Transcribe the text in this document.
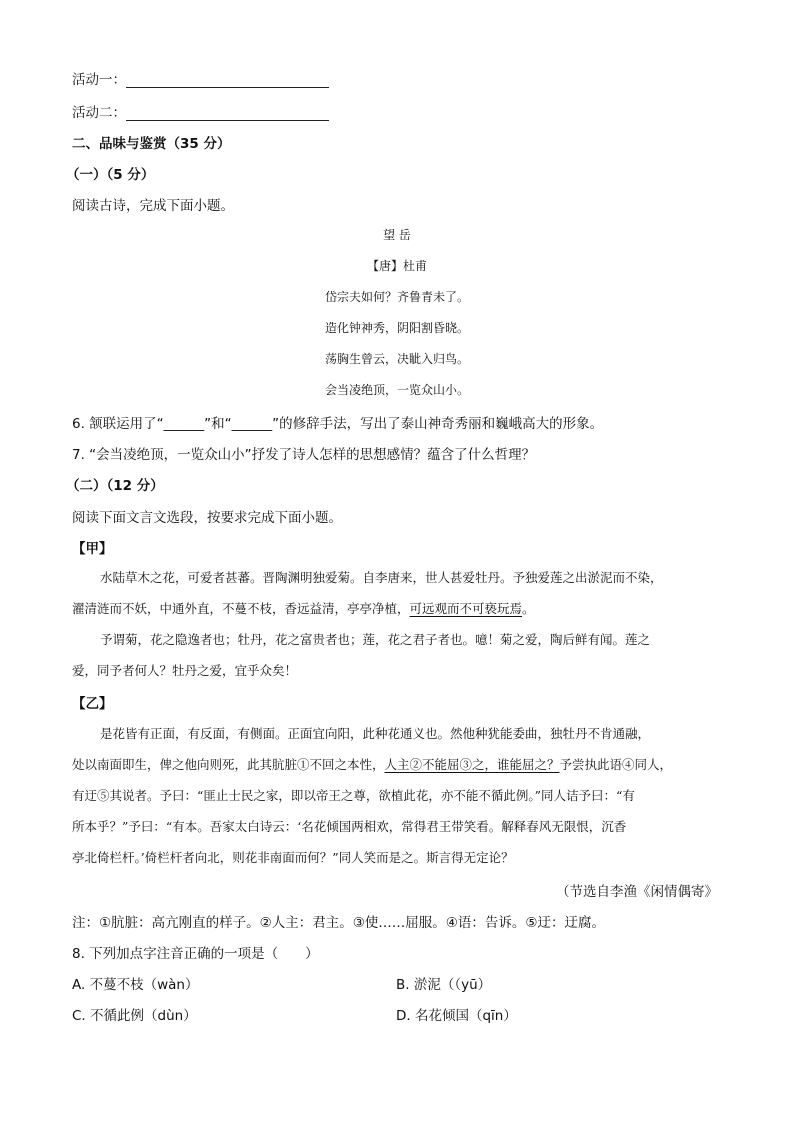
活动一：
活动二：
二、品味与鉴赏（35 分）
（一）（5 分）
阅读古诗，完成下面小题。
望 岳
【唐】杜甫
岱宗夫如何？齐鲁青未了。
造化钟神秀，阴阳割昏晓。
荡胸生曾云，决眦入归鸟。
会当凌绝顶，一览众山小。
6. 颔联运用了“______”和“______”的修辞手法，写出了泰山神奇秀丽和巍峨高大的形象。
7. “会当凌绝顶，一览众山小”抒发了诗人怎样的思想感情？蕴含了什么哲理？
（二）（12 分）
阅读下面文言文选段，按要求完成下面小题。
【甲】
水陆草木之花，可爱者甚蕃。晋陶渊明独爱菊。自李唐来，世人甚爱牡丹。予独爱莲之出淤泥而不染，
濯清涟而不妖，中通外直，不蔓不枝，香远益清，亭亭净植，可远观而不可亵玩焉。
予谓菊，花之隐逸者也；牡丹，花之富贵者也；莲，花之君子者也。噫！菊之爱，陶后鲜有闻。莲之
爱，同予者何人？牡丹之爱，宜乎众矣！
【乙】
是花皆有正面，有反面，有侧面。正面宜向阳，此种花通义也。然他种犹能委曲，独牡丹不肯通融，
处以南面即生，俾之他向则死，此其肮脏①不回之本性，人主②不能屈③之，谁能屈之？予尝执此语④同人，
有迂⑤其说者。予曰：“匪止士民之家，即以帝王之尊，欲植此花，亦不能不循此例。”同人诘予曰：“有
所本乎？”予曰：“有本。吾家太白诗云：‘名花倾国两相欢，常得君王带笑看。解释春风无限恨，沉香
亭北倚栏杆。’倚栏杆者向北，则花非南面而何？”同人笑而是之。斯言得无定论？
（节选自李渔《闲情偶寄》
注：①肮脏：高亢刚直的样子。②人主：君主。③使……屈服。④语：告诉。⑤迂：迂腐。
8. 下列加点字注音正确的一项是（　　）
A. 不蔓不枝（wàn）	B. 淤泥（（yū）
C. 不循此例（dùn）	D. 名花倾国（qīn）
